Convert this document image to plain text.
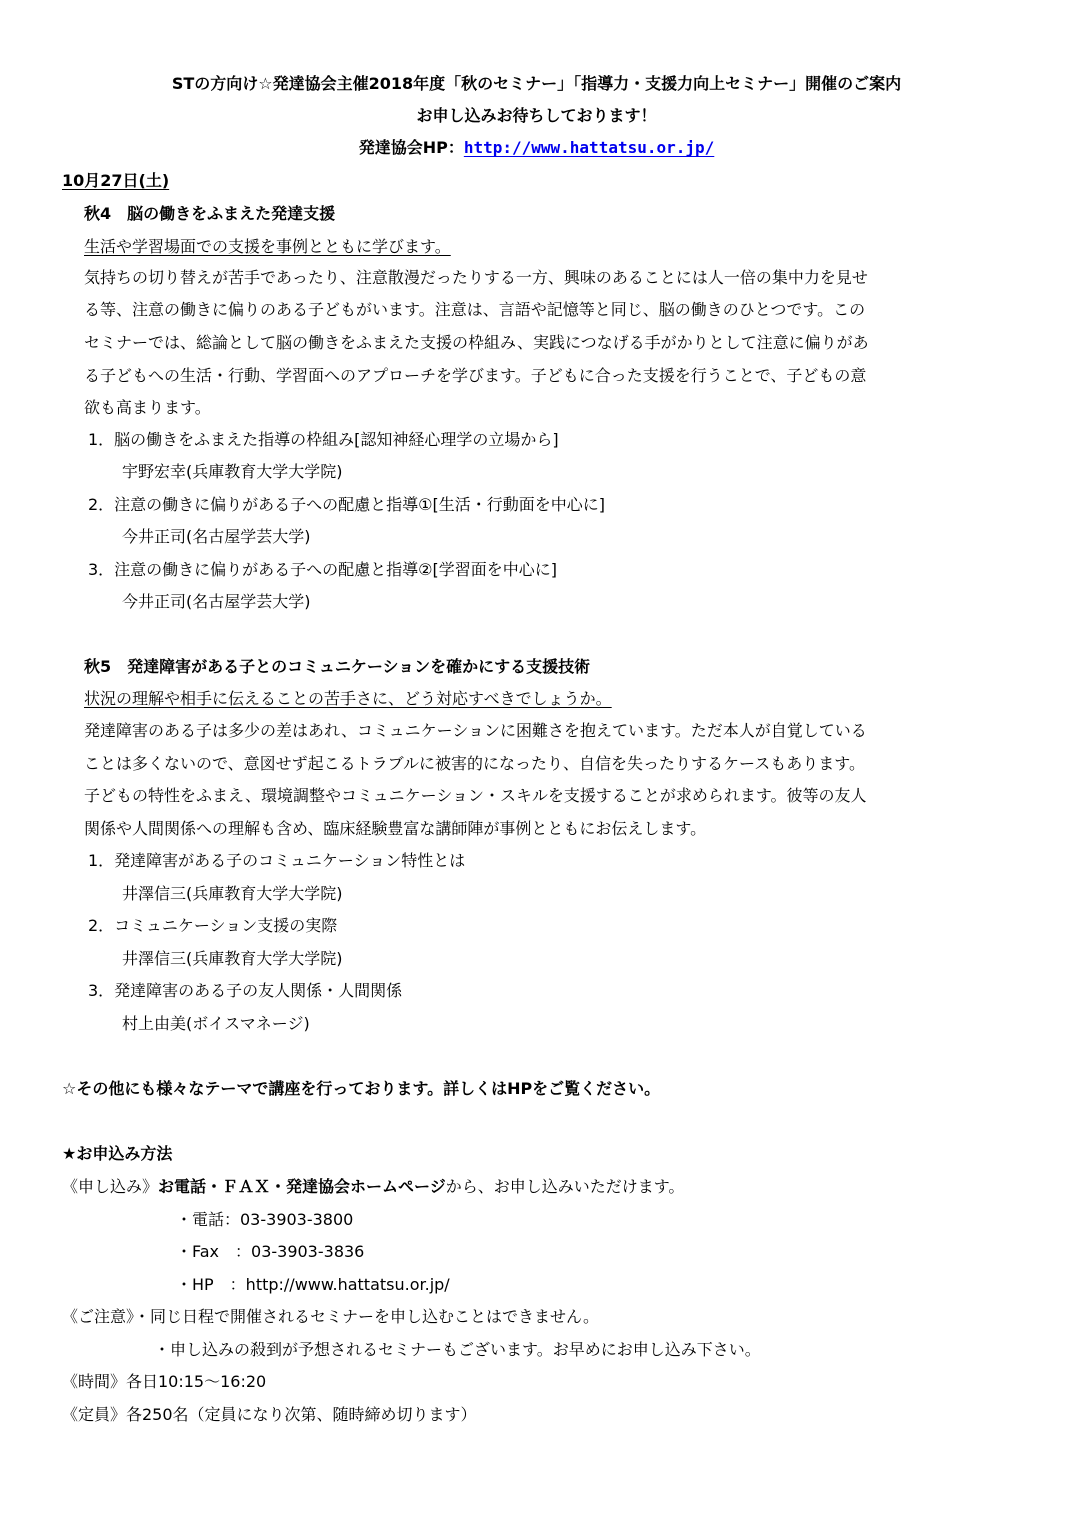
STの方向け☆発達協会主催2018年度「秋のセミナー」「指導力・支援力向上セミナー」開催のご案内
お申し込みお待ちしております！
発達協会HP：http://www.hattatsu.or.jp/
10月27日(土)
秋4　脳の働きをふまえた発達支援
生活や学習場面での支援を事例とともに学びます。
気持ちの切り替えが苦手であったり、注意散漫だったりする一方、興味のあることには人一倍の集中力を見せ
る等、注意の働きに偏りのある子どもがいます。注意は、言語や記憶等と同じ、脳の働きのひとつです。この
セミナーでは、総論として脳の働きをふまえた支援の枠組み、実践につなげる手がかりとして注意に偏りがあ
る子どもへの生活・行動、学習面へのアプローチを学びます。子どもに合った支援を行うことで、子どもの意
欲も高まります。
1．脳の働きをふまえた指導の枠組み[認知神経心理学の立場から]
宇野宏幸(兵庫教育大学大学院)
2．注意の働きに偏りがある子への配慮と指導①[生活・行動面を中心に]
今井正司(名古屋学芸大学)
3．注意の働きに偏りがある子への配慮と指導②[学習面を中心に]
今井正司(名古屋学芸大学)
秋5　発達障害がある子とのコミュニケーションを確かにする支援技術
状況の理解や相手に伝えることの苦手さに、どう対応すべきでしょうか。
発達障害のある子は多少の差はあれ、コミュニケーションに困難さを抱えています。ただ本人が自覚している
ことは多くないので、意図せず起こるトラブルに被害的になったり、自信を失ったりするケースもあります。
子どもの特性をふまえ、環境調整やコミュニケーション・スキルを支援することが求められます。彼等の友人
関係や人間関係への理解も含め、臨床経験豊富な講師陣が事例とともにお伝えします。
1．発達障害がある子のコミュニケーション特性とは
井澤信三(兵庫教育大学大学院)
2．コミュニケーション支援の実際
井澤信三(兵庫教育大学大学院)
3．発達障害のある子の友人関係・人間関係
村上由美(ボイスマネージ)
☆その他にも様々なテーマで講座を行っております。詳しくはHPをご覧ください。
★お申込み方法
《申し込み》お電話・ＦＡＸ・発達協会ホームページから、お申し込みいただけます。
・電話：03-3903-3800
・Fax　：03-3903-3836
・HP　：http://www.hattatsu.or.jp/
《ご注意》・同じ日程で開催されるセミナーを申し込むことはできません。
・申し込みの殺到が予想されるセミナーもございます。お早めにお申し込み下さい。
《時間》各日10:15～16:20
《定員》各250名（定員になり次第、随時締め切ります）
